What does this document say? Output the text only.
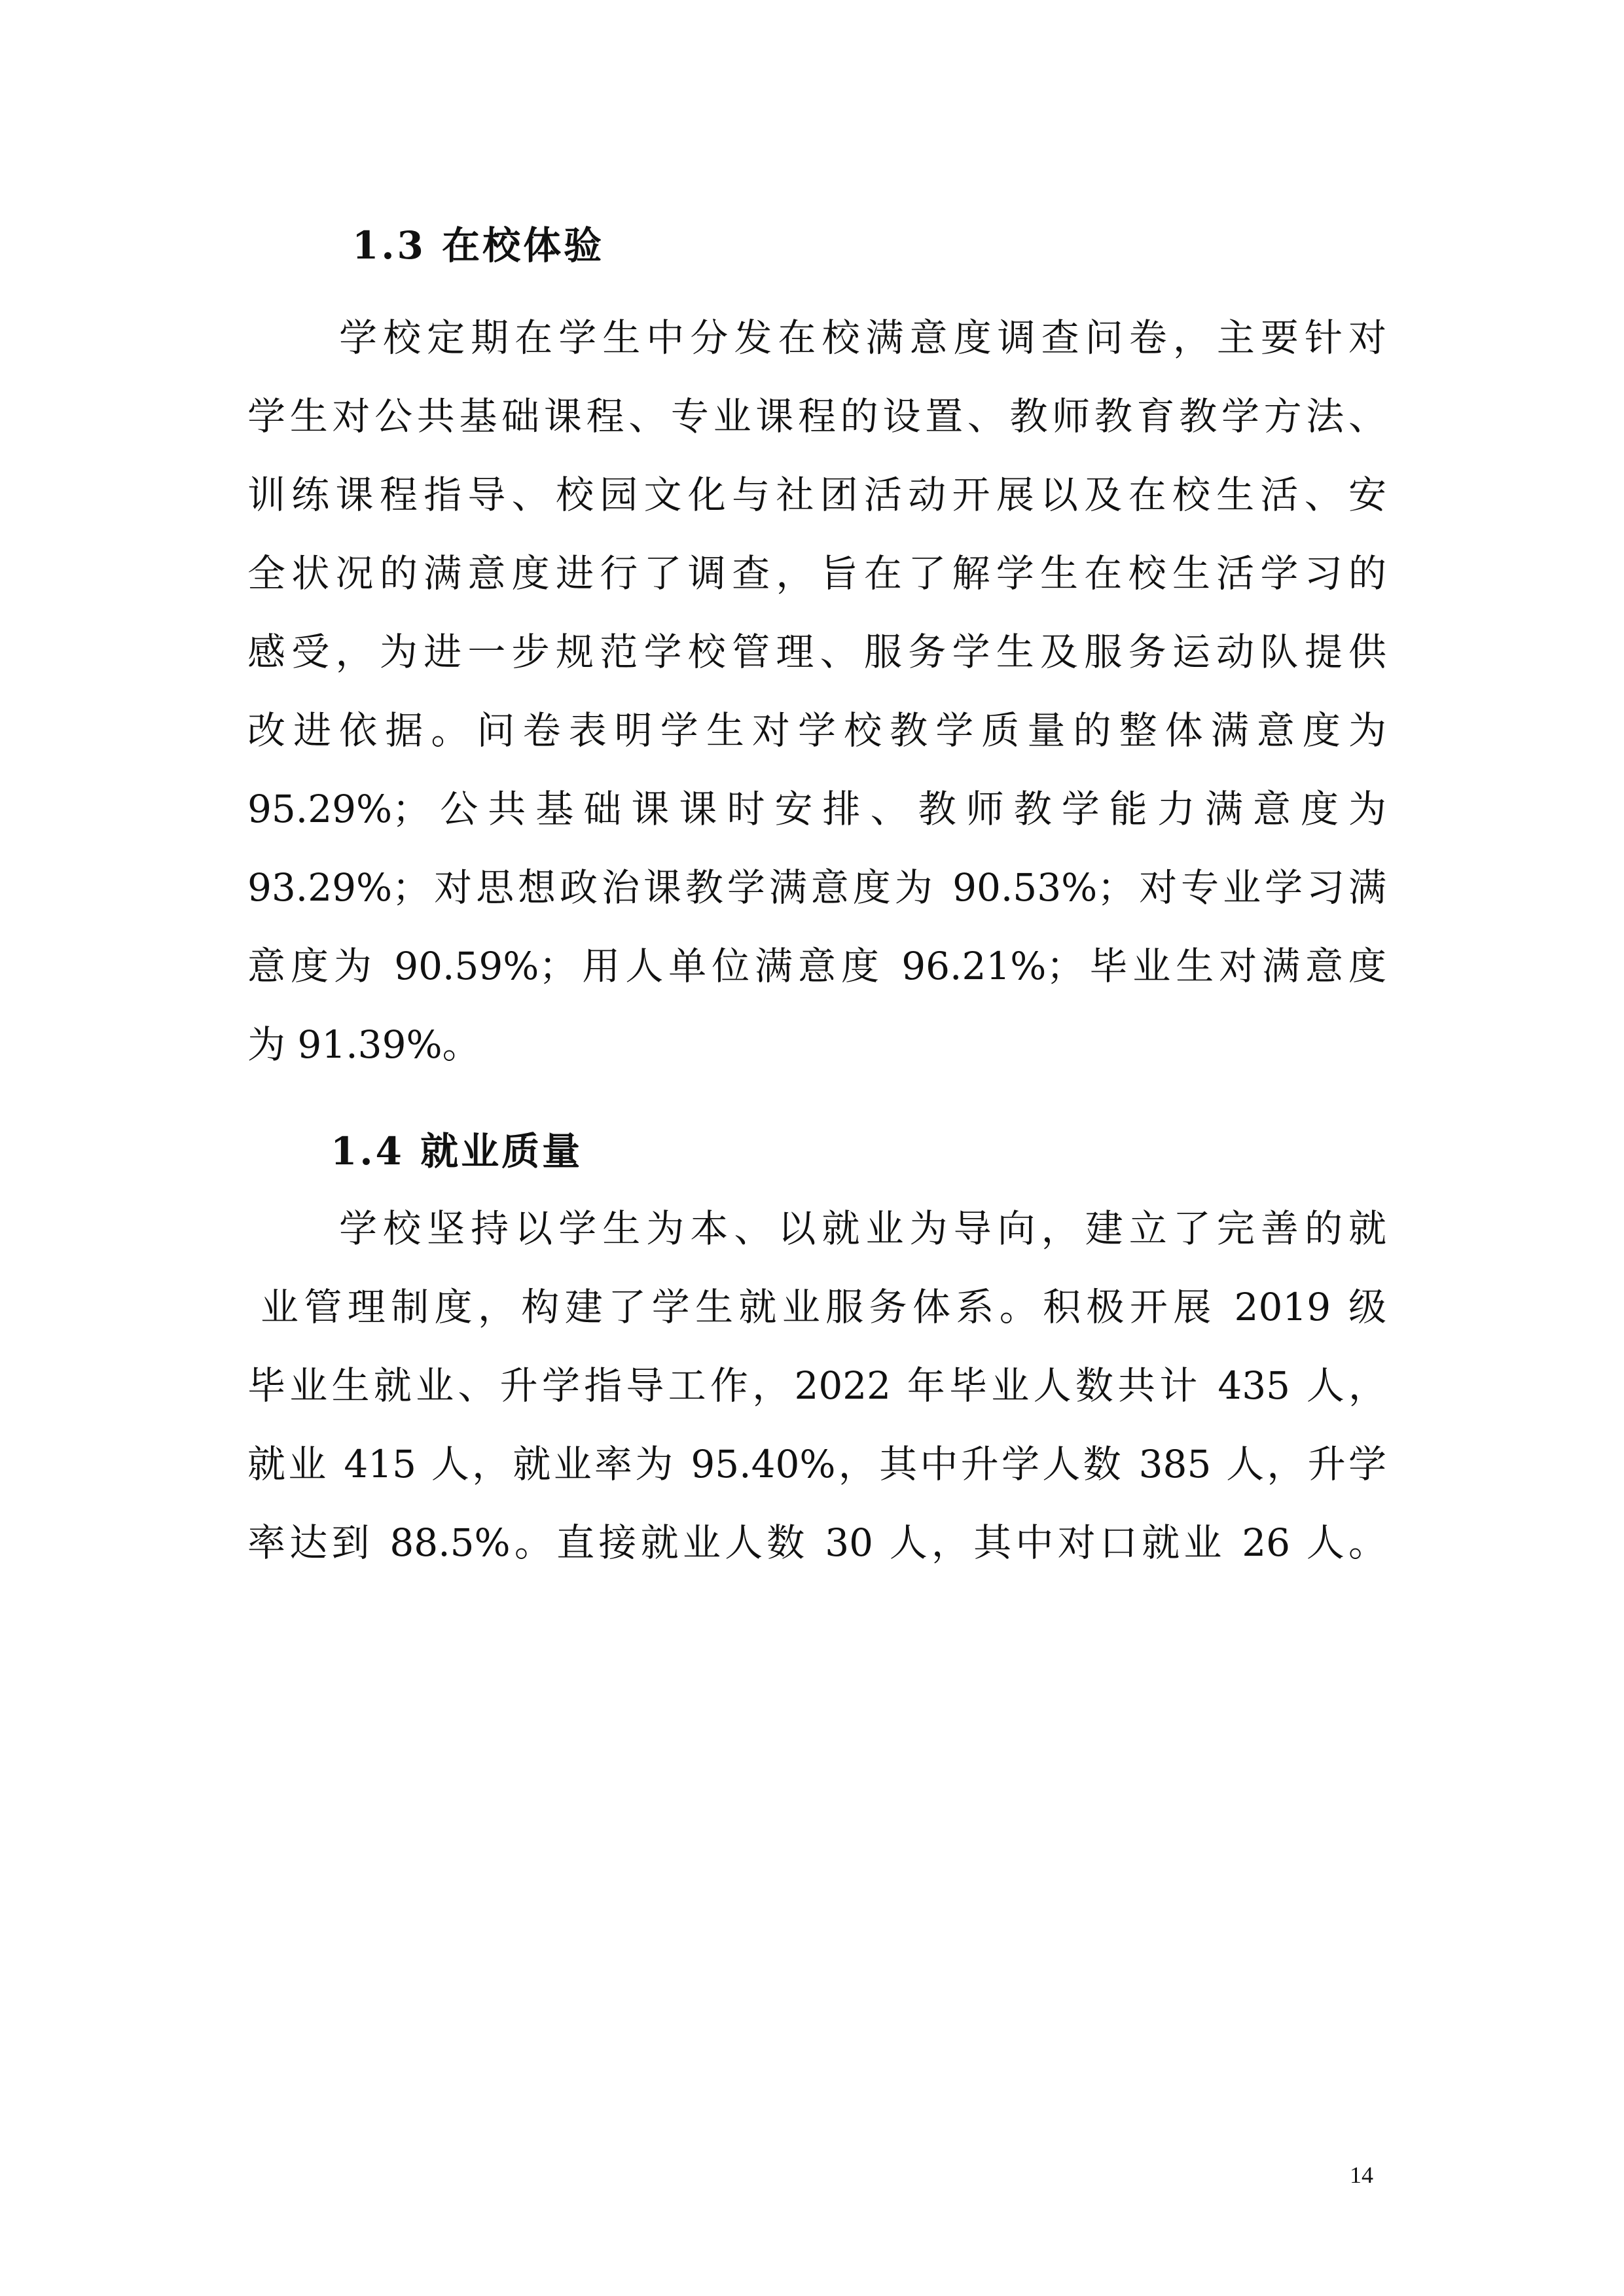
1.3 在校体验

学校定期在学生中分发在校满意度调查问卷，主要针对

学生对公共基础课程、专业课程的设置、教师教育教学方法、

训练课程指导、校园文化与社团活动开展以及在校生活、安

全状况的满意度进行了调查，旨在了解学生在校生活学习的

感受，为进一步规范学校管理、服务学生及服务运动队提供

改进依据。问卷表明学生对学校教学质量的整体满意度为

95.29%；公共基础课课时安排、教师教学能力满意度为

93.29%；对思想政治课教学满意度为 90.53%；对专业学习满

意度为 90.59%；用人单位满意度 96.21%；毕业生对满意度

为 91.39%。

1.4 就业质量

学校坚持以学生为本、以就业为导向，建立了完善的就

业管理制度，构建了学生就业服务体系。积极开展 2019 级

毕业生就业、升学指导工作，2022 年毕业人数共计 435 人，

就业 415 人，就业率为 95.40%，其中升学人数 385 人，升学

率达到 88.5%。直接就业人数 30 人，其中对口就业 26 人。

14
